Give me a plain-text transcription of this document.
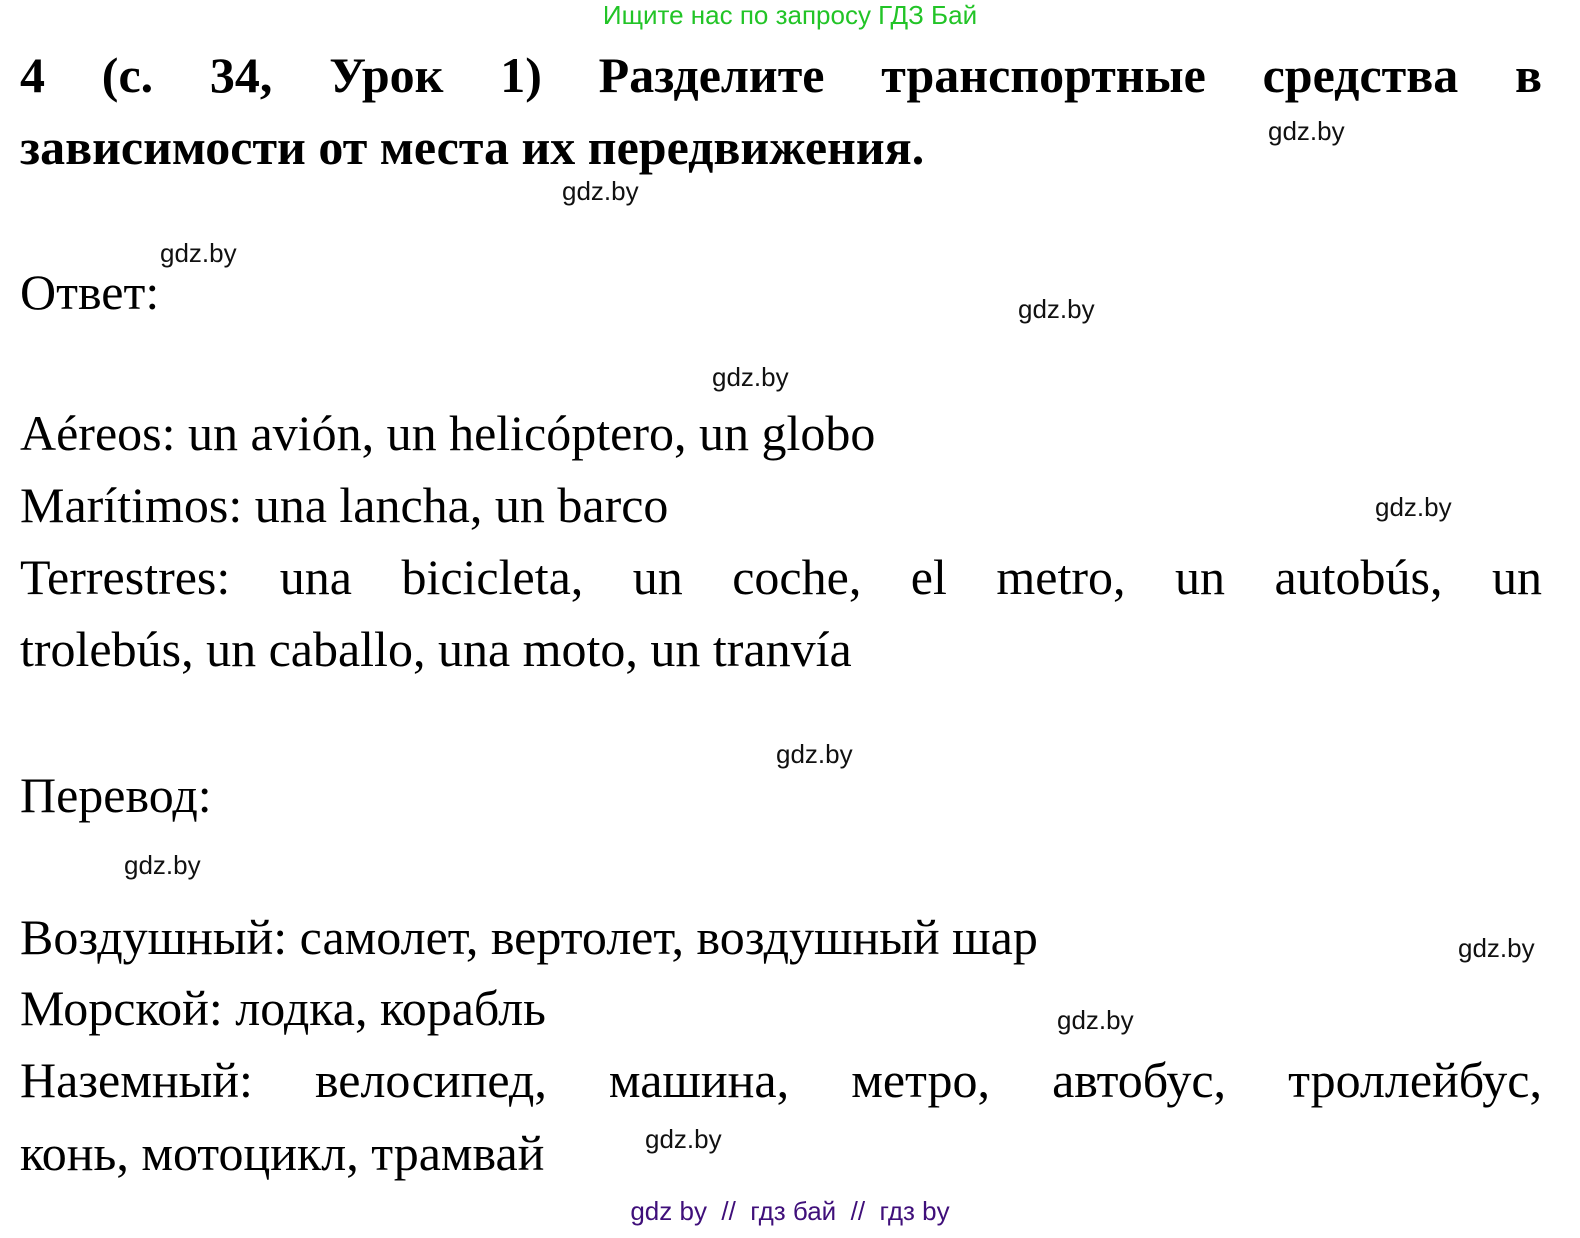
Ищите нас по запросу ГДЗ Бай
4 (с. 34, Урок 1) Разделите транспортные средства в
зависимости от места их передвижения.
Ответ:
Aéreos: un avión, un helicóptero, un globo
Marítimos: una lancha, un barco
Terrestres: una bicicleta, un coche, el metro, un autobús, un
trolebús, un caballo, una moto, un tranvía
Перевод:
Воздушный: самолет, вертолет, воздушный шар
Морской: лодка, корабль
Наземный: велосипед, машина, метро, автобус, троллейбус,
конь, мотоцикл, трамвай
gdz.by
gdz.by
gdz.by
gdz.by
gdz.by
gdz.by
gdz.by
gdz.by
gdz.by
gdz.by
gdz.by
gdz by  //  гдз бай  //  гдз by
